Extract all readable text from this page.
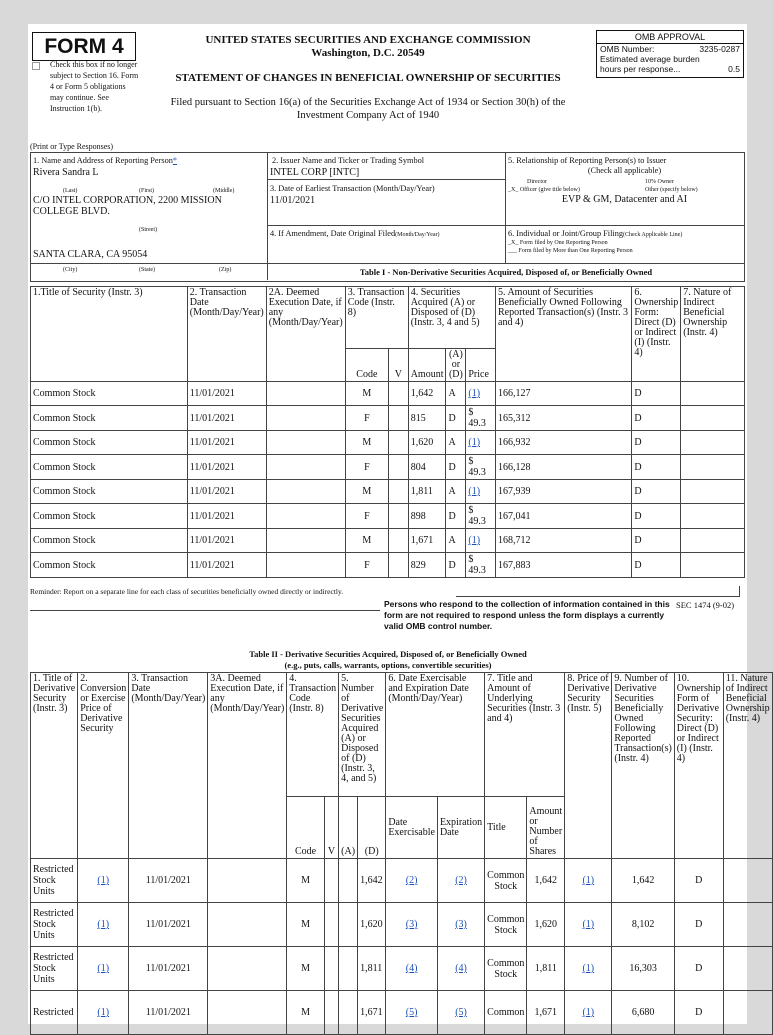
FORM 4
Check this box if no longer subject to Section 16. Form 4 or Form 5 obligations may continue. See Instruction 1(b).
UNITED STATES SECURITIES AND EXCHANGE COMMISSION
Washington, D.C. 20549
STATEMENT OF CHANGES IN BENEFICIAL OWNERSHIP OF SECURITIES
Filed pursuant to Section 16(a) of the Securities Exchange Act of 1934 or Section 30(h) of the
Investment Company Act of 1940
OMB APPROVAL
OMB Number:	3235-0287
Estimated average burden
hours per response...	0.5
(Print or Type Responses)
1. Name and Address of Reporting Person*
Rivera Sandra L
(Last)	(First)	(Middle)
C/O INTEL CORPORATION, 2200 MISSION COLLEGE BLVD.
(Street)
SANTA CLARA, CA 95054
(City)	(State)	(Zip)
2. Issuer Name and Ticker or Trading Symbol
INTEL CORP [INTC]
3. Date of Earliest Transaction (Month/Day/Year)
11/01/2021
5. Relationship of Reporting Person(s) to Issuer
(Check all applicable)
Director	10% Owner
_X_ Officer (give title below)	Other (specify below)
EVP & GM, Datacenter and AI
4. If Amendment, Date Original Filed(Month/Day/Year)	6. Individual or Joint/Group Filing(Check Applicable Line)
_X_ Form filed by One Reporting Person
___ Form filed by More than One Reporting Person
Table I - Non-Derivative Securities Acquired, Disposed of, or Beneficially Owned
1.Title of Security (Instr. 3)	2. Transaction Date (Month/Day/Year)	2A. Deemed Execution Date, if any (Month/Day/Year)	3. Transaction Code (Instr. 8)		4. Securities Acquired (A) or Disposed of (D) (Instr. 3, 4 and 5)			5. Amount of Securities Beneficially Owned Following Reported Transaction(s) (Instr. 3 and 4)	6. Ownership Form: Direct (D) or Indirect (I) (Instr. 4)	7. Nature of Indirect Beneficial Ownership (Instr. 4)
			Code	V	Amount	(A) or (D)	Price			
Common Stock	11/01/2021		M		1,642	A	(1)	166,127	D	
Common Stock	11/01/2021		F		815	D	$ 49.3	165,312	D	
Common Stock	11/01/2021		M		1,620	A	(1)	166,932	D	
Common Stock	11/01/2021		F		804	D	$ 49.3	166,128	D	
Common Stock	11/01/2021		M		1,811	A	(1)	167,939	D	
Common Stock	11/01/2021		F		898	D	$ 49.3	167,041	D	
Common Stock	11/01/2021		M		1,671	A	(1)	168,712	D	
Common Stock	11/01/2021		F		829	D	$ 49.3	167,883	D	
Reminder: Report on a separate line for each class of securities beneficially owned directly or indirectly.
Persons who respond to the collection of information contained in this form are not required to respond unless the form displays a currently valid OMB control number.
SEC 1474 (9-02)
Table II - Derivative Securities Acquired, Disposed of, or Beneficially Owned
(e.g., puts, calls, warrants, options, convertible securities)
1. Title of Derivative Security (Instr. 3)	2. Conversion or Exercise Price of Derivative Security	3. Transaction Date (Month/Day/Year)	3A. Deemed Execution Date, if any (Month/Day/Year)	4. Transaction Code (Instr. 8)		5. Number of Derivative Securities Acquired (A) or Disposed of (D) (Instr. 3, 4, and 5)		6. Date Exercisable and Expiration Date (Month/Day/Year)		7. Title and Amount of Underlying Securities (Instr. 3 and 4)		8. Price of Derivative Security (Instr. 5)	9. Number of Derivative Securities Beneficially Owned Following Reported Transaction(s) (Instr. 4)	10. Ownership Form of Derivative Security: Direct (D) or Indirect (I) (Instr. 4)	11. Nature of Indirect Beneficial Ownership (Instr. 4)
				Code	V	(A)	(D)	Date Exercisable	Expiration Date	Title	Amount or Number of Shares				
Restricted Stock Units	(1)	11/01/2021		M			1,642	(2)	(2)	Common Stock	1,642	(1)	1,642	D	
Restricted Stock Units	(1)	11/01/2021		M			1,620	(3)	(3)	Common Stock	1,620	(1)	8,102	D	
Restricted Stock Units	(1)	11/01/2021		M			1,811	(4)	(4)	Common Stock	1,811	(1)	16,303	D	
Restricted	(1)	11/01/2021		M			1,671	(5)	(5)	Common	1,671	(1)	6,680	D	
